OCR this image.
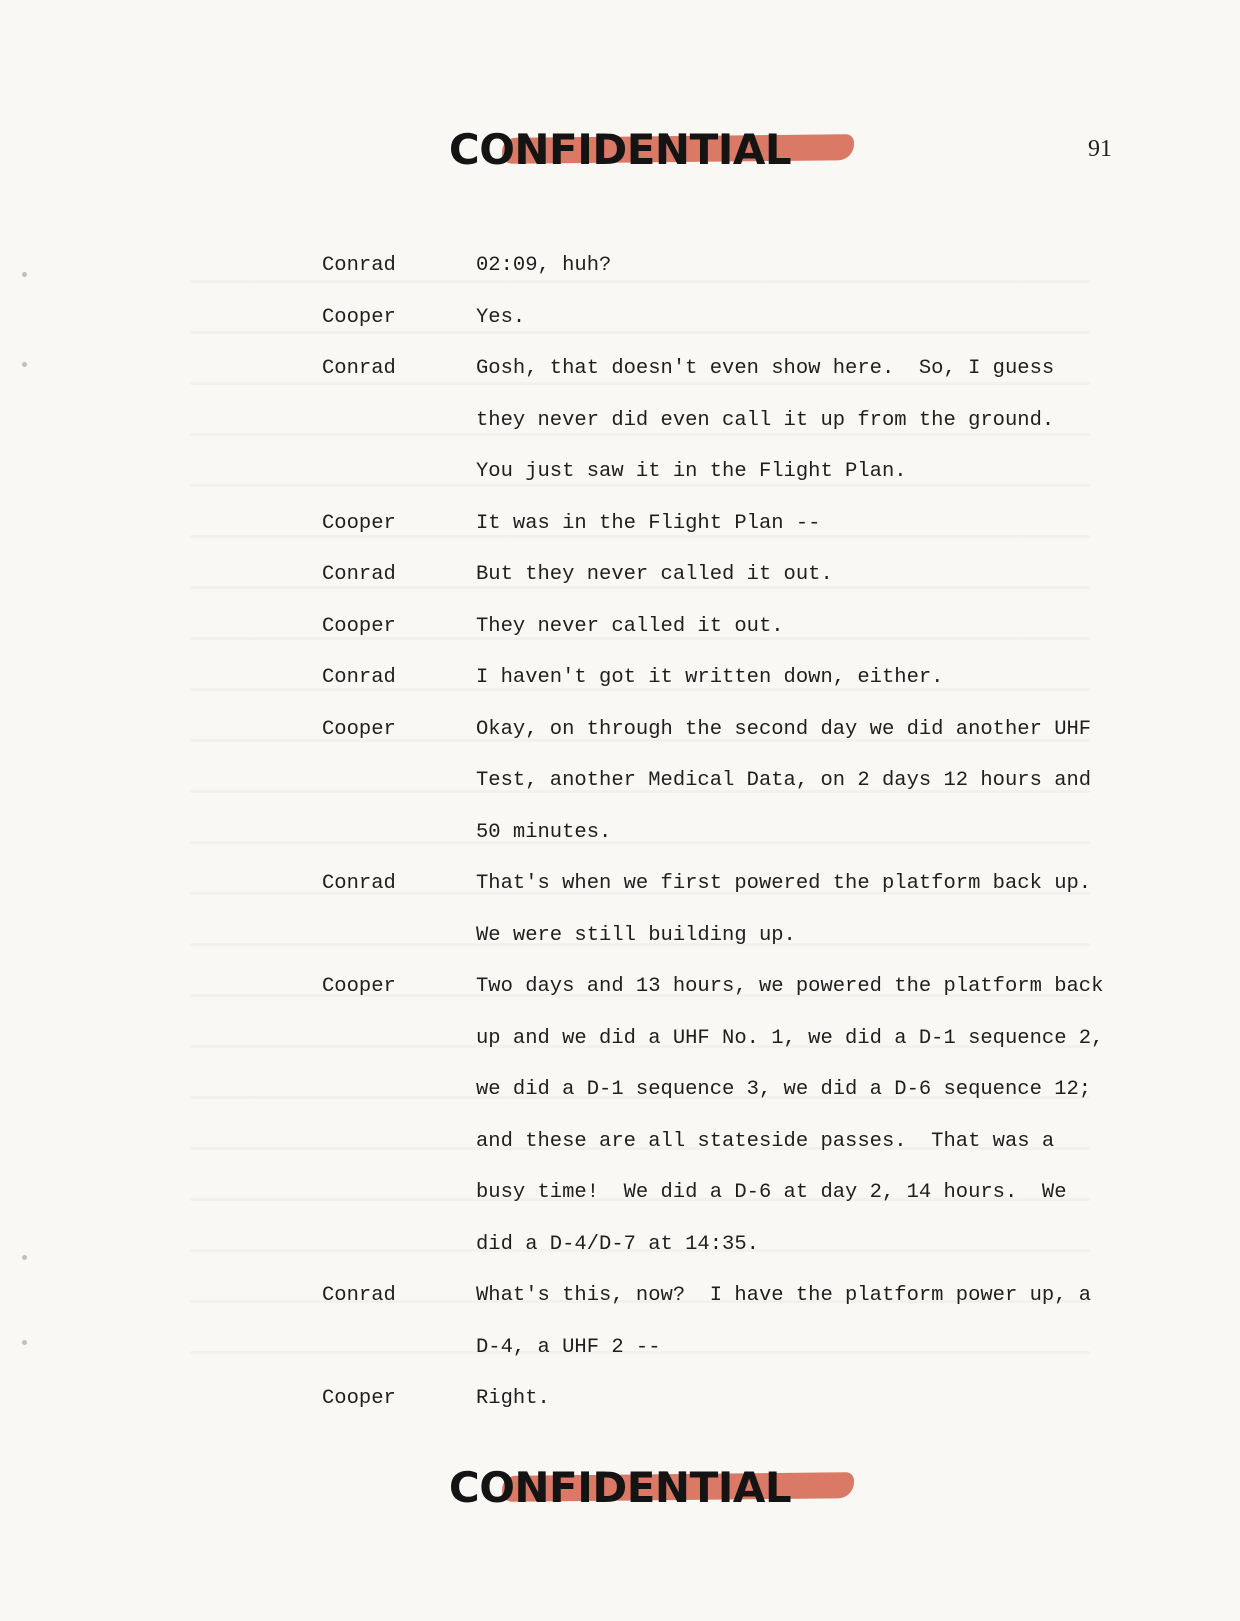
CONFIDENTIAL	91
Conrad	02:09, huh?
Cooper	Yes.
Conrad	Gosh, that doesn't even show here.  So, I guess
they never did even call it up from the ground.
You just saw it in the Flight Plan.
Cooper	It was in the Flight Plan --
Conrad	But they never called it out.
Cooper	They never called it out.
Conrad	I haven't got it written down, either.
Cooper	Okay, on through the second day we did another UHF
Test, another Medical Data, on 2 days 12 hours and
50 minutes.
Conrad	That's when we first powered the platform back up.
We were still building up.
Cooper	Two days and 13 hours, we powered the platform back
up and we did a UHF No. 1, we did a D-1 sequence 2,
we did a D-1 sequence 3, we did a D-6 sequence 12;
and these are all stateside passes.  That was a
busy time!  We did a D-6 at day 2, 14 hours.  We
did a D-4/D-7 at 14:35.
Conrad	What's this, now?  I have the platform power up, a
D-4, a UHF 2 --
Cooper	Right.
CONFIDENTIAL
